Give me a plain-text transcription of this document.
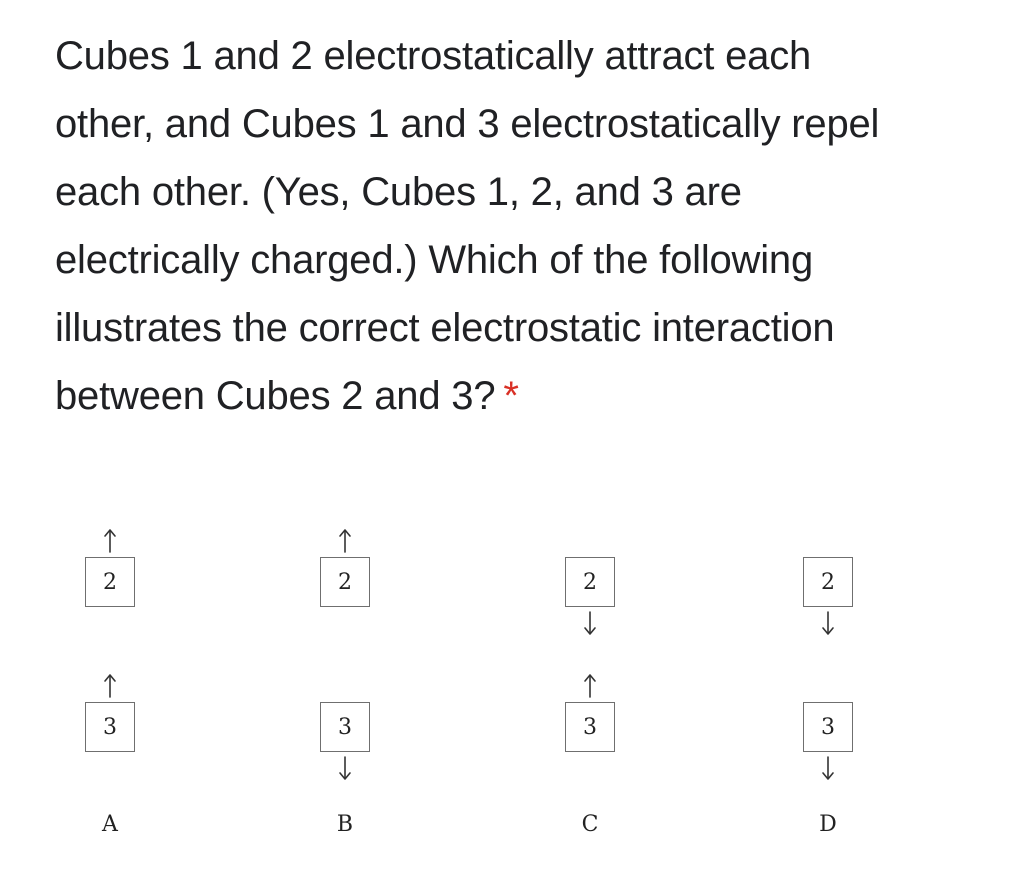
Cubes 1 and 2 electrostatically attract each
other, and Cubes 1 and 3 electrostatically repel
each other. (Yes, Cubes 1, 2, and 3 are
electrically charged.) Which of the following
illustrates the correct electrostatic interaction
between Cubes 2 and 3? *
2
3
A
2
3
B
2
3
C
2
3
D
